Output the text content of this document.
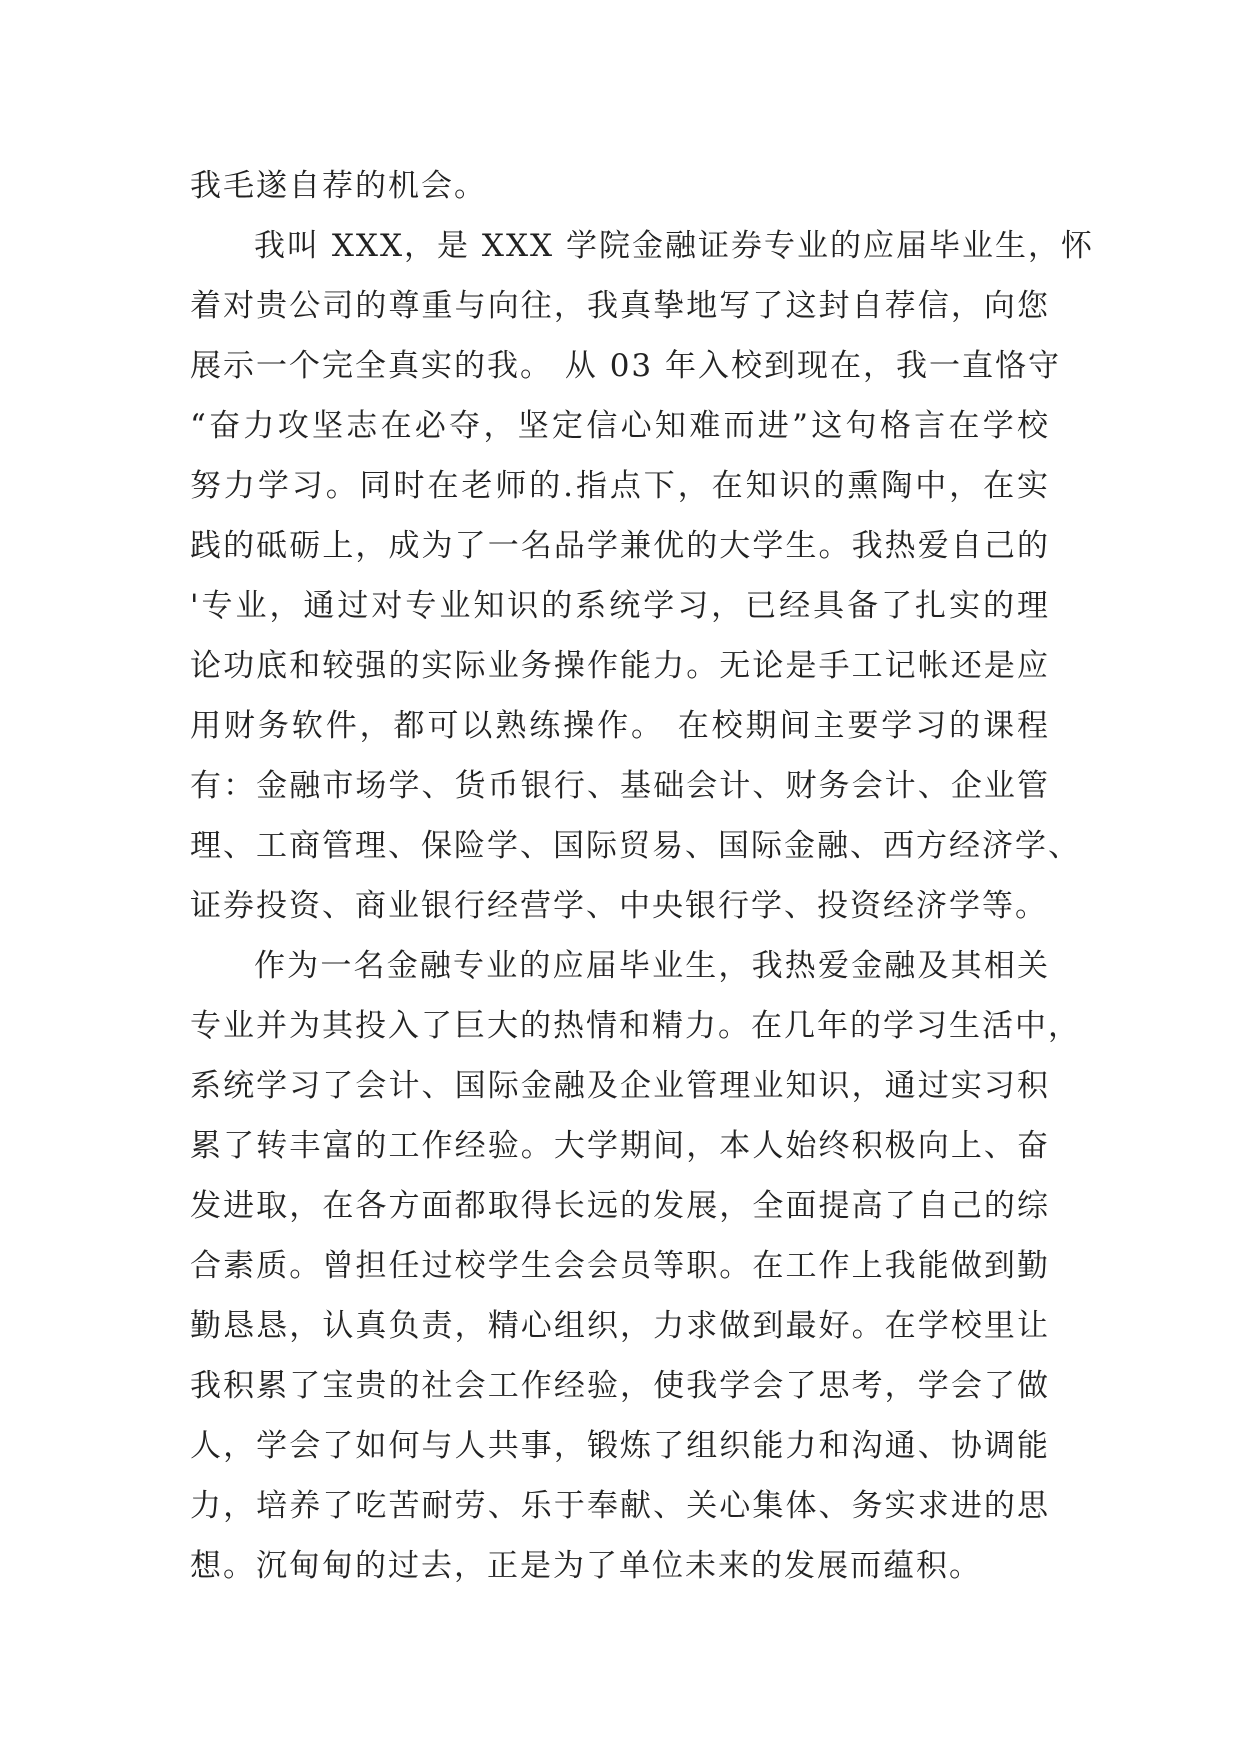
我毛遂自荐的机会。
我叫 XXX，是 XXX 学院金融证券专业的应届毕业生，怀
着对贵公司的尊重与向往，我真挚地写了这封自荐信，向您
展示一个完全真实的我。 从 03 年入校到现在，我一直恪守
“奋力攻坚志在必夺，坚定信心知难而进”这句格言在学校
努力学习。同时在老师的.指点下，在知识的熏陶中，在实
践的砥砺上，成为了一名品学兼优的大学生。我热爱自己的
'专业，通过对专业知识的系统学习，已经具备了扎实的理
论功底和较强的实际业务操作能力。无论是手工记帐还是应
用财务软件，都可以熟练操作。 在校期间主要学习的课程
有：金融市场学、货币银行、基础会计、财务会计、企业管
理、工商管理、保险学、国际贸易、国际金融、西方经济学、
证券投资、商业银行经营学、中央银行学、投资经济学等。
作为一名金融专业的应届毕业生，我热爱金融及其相关
专业并为其投入了巨大的热情和精力。在几年的学习生活中，
系统学习了会计、国际金融及企业管理业知识，通过实习积
累了转丰富的工作经验。大学期间，本人始终积极向上、奋
发进取，在各方面都取得长远的发展，全面提高了自己的综
合素质。曾担任过校学生会会员等职。在工作上我能做到勤
勤恳恳，认真负责，精心组织，力求做到最好。在学校里让
我积累了宝贵的社会工作经验，使我学会了思考，学会了做
人，学会了如何与人共事，锻炼了组织能力和沟通、协调能
力，培养了吃苦耐劳、乐于奉献、关心集体、务实求进的思
想。沉甸甸的过去，正是为了单位未来的发展而蕴积。
